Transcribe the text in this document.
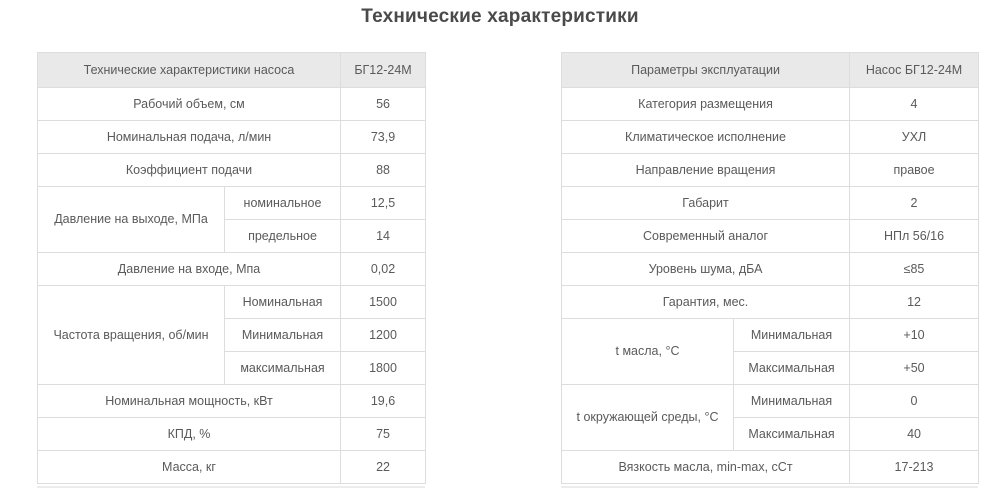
Технические характеристики
Технические характеристики насоса		БГ12-24М
Рабочий объем, см		56
Номинальная подача, л/мин		73,9
Коэффициент подачи		88
Давление на выходе, МПа	номинальное	12,5
	предельное	14
Давление на входе, Мпа		0,02
Частота вращения, об/мин	Номинальная	1500
	Минимальная	1200
	максимальная	1800
Номинальная мощность, кВт		19,6
КПД, %		75
Масса, кг		22
Параметры эксплуатации		Насос БГ12-24М
Категория размещения		4
Климатическое исполнение		УХЛ
Направление вращения		правое
Габарит		2
Современный аналог		НПл 56/16
Уровень шума, дБА		≤85
Гарантия, мес.		12
t масла, °C	Минимальная	+10
	Максимальная	+50
t окружающей среды, °C	Минимальная	0
	Максимальная	40
Вязкость масла, min-max, сСт		17-213
